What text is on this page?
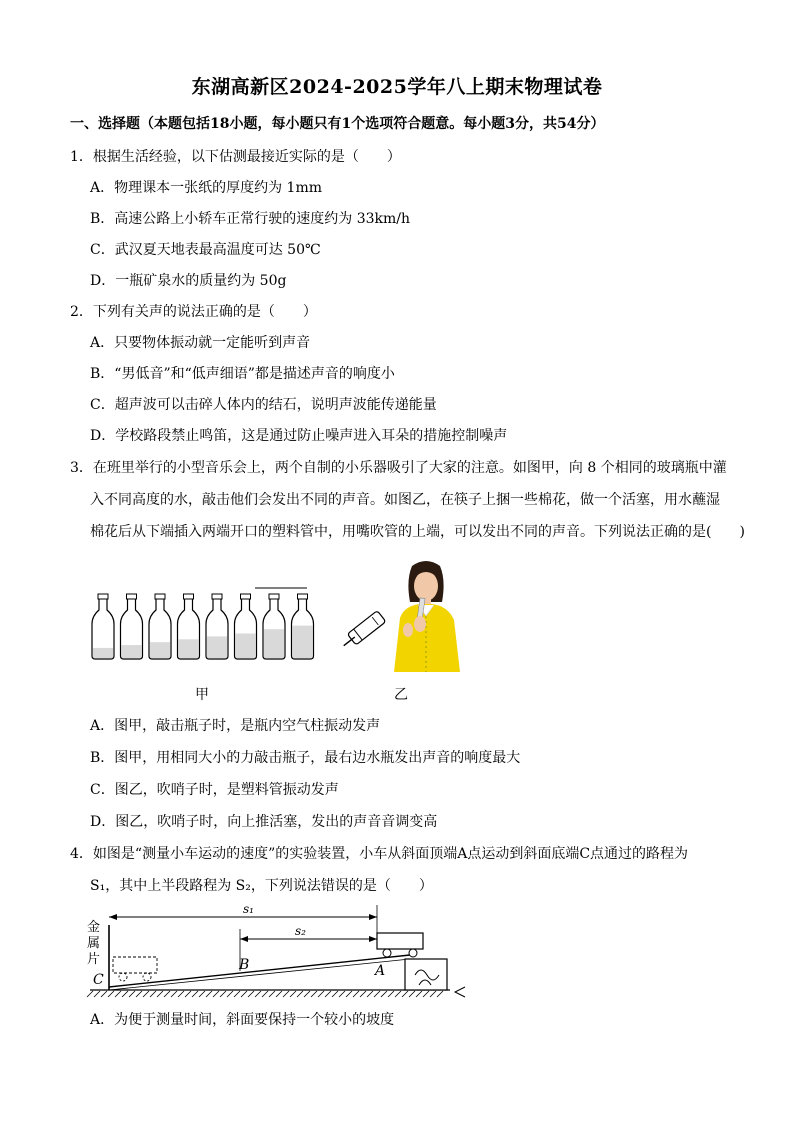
东湖高新区2024-2025学年八上期末物理试卷
一、选择题（本题包括18小题，每小题只有1个选项符合题意。每小题3分，共54分）
1．根据生活经验，以下估测最接近实际的是（　　）
A．物理课本一张纸的厚度约为 1mm
B．高速公路上小轿车正常行驶的速度约为 33km/h
C．武汉夏天地表最高温度可达 50℃
D．一瓶矿泉水的质量约为 50g
2．下列有关声的说法正确的是（　　）
A．只要物体振动就一定能听到声音
B．“男低音”和“低声细语”都是描述声音的响度小
C．超声波可以击碎人体内的结石，说明声波能传递能量
D．学校路段禁止鸣笛，这是通过防止噪声进入耳朵的措施控制噪声
3．在班里举行的小型音乐会上，两个自制的小乐器吸引了大家的注意。如图甲，向 8 个相同的玻璃瓶中灌
入不同高度的水，敲击他们会发出不同的声音。如图乙，在筷子上捆一些棉花，做一个活塞，用水蘸湿
棉花后从下端插入两端开口的塑料管中，用嘴吹管的上端，可以发出不同的声音。下列说法正确的是(　　)
甲	乙
A．图甲，敲击瓶子时，是瓶内空气柱振动发声
B．图甲，用相同大小的力敲击瓶子，最右边水瓶发出声音的响度最大
C．图乙，吹哨子时，是塑料管振动发声
D．图乙，吹哨子时，向上推活塞，发出的声音音调变高
4．如图是“测量小车运动的速度”的实验装置，小车从斜面顶端A点运动到斜面底端C点通过的路程为
S₁，其中上半段路程为 S₂，下列说法错误的是（　　）
金
属
片
C
B	A
s₁
s₂
A．为便于测量时间，斜面要保持一个较小的坡度
